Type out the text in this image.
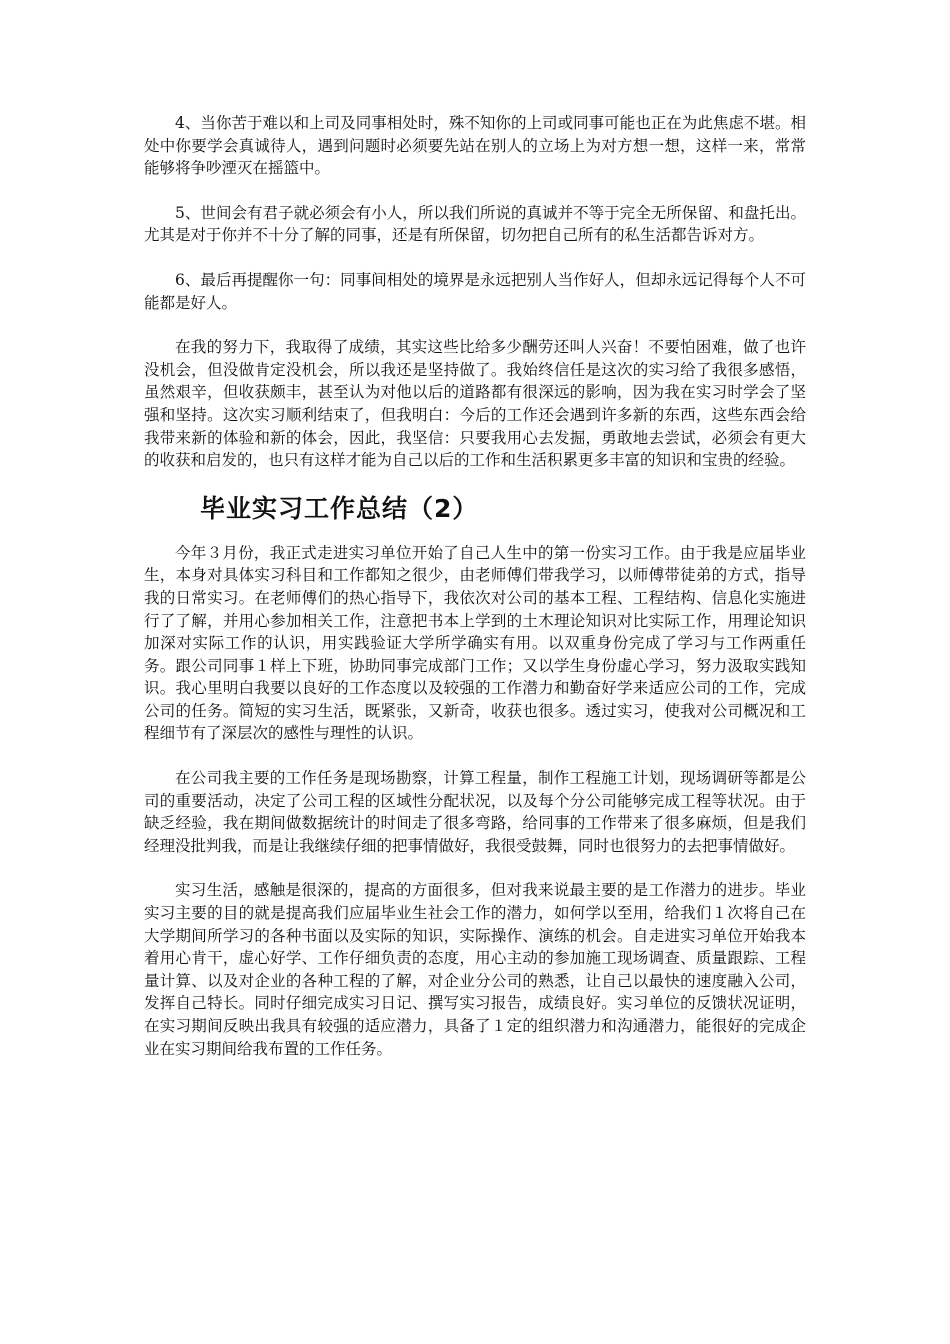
4、当你苦于难以和上司及同事相处时，殊不知你的上司或同事可能也正在为此焦虑不堪。相处中你要学会真诚待人，遇到问题时必须要先站在别人的立场上为对方想一想，这样一来，常常能够将争吵湮灭在摇篮中。

5、世间会有君子就必须会有小人，所以我们所说的真诚并不等于完全无所保留、和盘托出。尤其是对于你并不十分了解的同事，还是有所保留，切勿把自己所有的私生活都告诉对方。

6、最后再提醒你一句：同事间相处的境界是永远把别人当作好人，但却永远记得每个人不可能都是好人。

在我的努力下，我取得了成绩，其实这些比给多少酬劳还叫人兴奋！不要怕困难，做了也许没机会，但没做肯定没机会，所以我还是坚持做了。我始终信任是这次的实习给了我很多感悟，虽然艰辛，但收获颇丰，甚至认为对他以后的道路都有很深远的影响，因为我在实习时学会了坚强和坚持。这次实习顺利结束了，但我明白：今后的工作还会遇到许多新的东西，这些东西会给我带来新的体验和新的体会，因此，我坚信：只要我用心去发掘，勇敢地去尝试，必须会有更大的收获和启发的，也只有这样才能为自己以后的工作和生活积累更多丰富的知识和宝贵的经验。

毕业实习工作总结（2）

今年３月份，我正式走进实习单位开始了自己人生中的第一份实习工作。由于我是应届毕业生，本身对具体实习科目和工作都知之很少，由老师傅们带我学习，以师傅带徒弟的方式，指导我的日常实习。在老师傅们的热心指导下，我依次对公司的基本工程、工程结构、信息化实施进行了了解，并用心参加相关工作，注意把书本上学到的土木理论知识对比实际工作，用理论知识加深对实际工作的认识，用实践验证大学所学确实有用。以双重身份完成了学习与工作两重任务。跟公司同事１样上下班，协助同事完成部门工作；又以学生身份虚心学习，努力汲取实践知识。我心里明白我要以良好的工作态度以及较强的工作潜力和勤奋好学来适应公司的工作，完成公司的任务。简短的实习生活，既紧张，又新奇，收获也很多。透过实习，使我对公司概况和工程细节有了深层次的感性与理性的认识。

在公司我主要的工作任务是现场勘察，计算工程量，制作工程施工计划，现场调研等都是公司的重要活动，决定了公司工程的区域性分配状况，以及每个分公司能够完成工程等状况。由于缺乏经验，我在期间做数据统计的时间走了很多弯路，给同事的工作带来了很多麻烦，但是我们经理没批判我，而是让我继续仔细的把事情做好，我很受鼓舞，同时也很努力的去把事情做好。

实习生活，感触是很深的，提高的方面很多，但对我来说最主要的是工作潜力的进步。毕业实习主要的目的就是提高我们应届毕业生社会工作的潜力，如何学以至用，给我们１次将自己在大学期间所学习的各种书面以及实际的知识，实际操作、演练的机会。自走进实习单位开始我本着用心肯干，虚心好学、工作仔细负责的态度，用心主动的参加施工现场调查、质量跟踪、工程量计算、以及对企业的各种工程的了解，对企业分公司的熟悉，让自己以最快的速度融入公司，发挥自己特长。同时仔细完成实习日记、撰写实习报告，成绩良好。实习单位的反馈状况证明，在实习期间反映出我具有较强的适应潜力，具备了１定的组织潜力和沟通潜力，能很好的完成企业在实习期间给我布置的工作任务。
